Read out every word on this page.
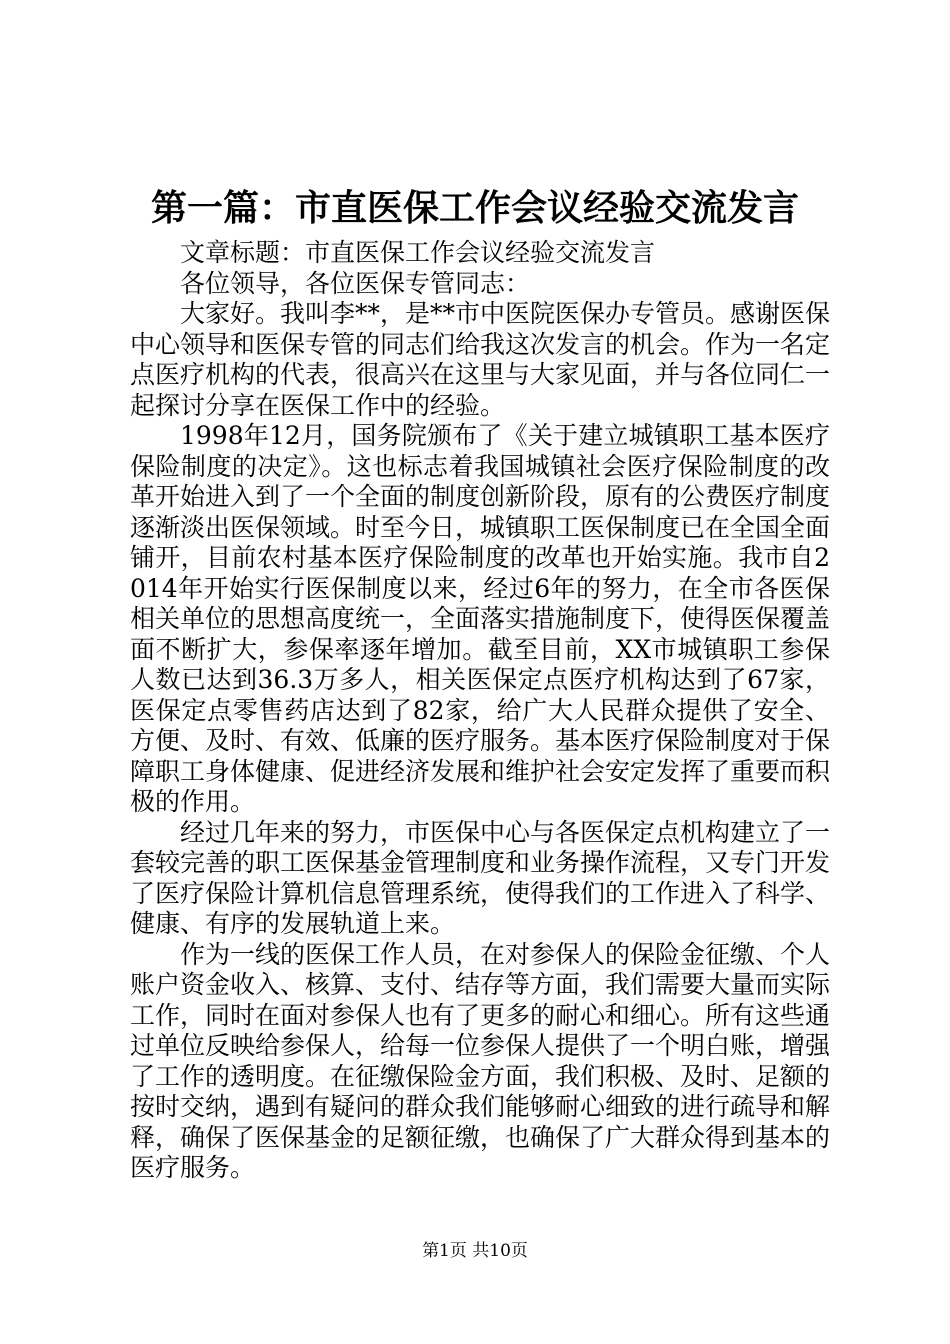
第一篇：市直医保工作会议经验交流发言

文章标题：市直医保工作会议经验交流发言

各位领导，各位医保专管同志：

大家好。我叫李**，是**市中医院医保办专管员。感谢医保中心领导和医保专管的同志们给我这次发言的机会。作为一名定点医疗机构的代表，很高兴在这里与大家见面，并与各位同仁一起探讨分享在医保工作中的经验。

1998年12月，国务院颁布了《关于建立城镇职工基本医疗保险制度的决定》。这也标志着我国城镇社会医疗保险制度的改革开始进入到了一个全面的制度创新阶段，原有的公费医疗制度逐渐淡出医保领域。时至今日，城镇职工医保制度已在全国全面铺开，目前农村基本医疗保险制度的改革也开始实施。我市自2014年开始实行医保制度以来，经过6年的努力，在全市各医保相关单位的思想高度统一，全面落实措施制度下，使得医保覆盖面不断扩大，参保率逐年增加。截至目前，XX市城镇职工参保人数已达到36.3万多人，相关医保定点医疗机构达到了67家，医保定点零售药店达到了82家，给广大人民群众提供了安全、方便、及时、有效、低廉的医疗服务。基本医疗保险制度对于保障职工身体健康、促进经济发展和维护社会安定发挥了重要而积极的作用。

经过几年来的努力，市医保中心与各医保定点机构建立了一套较完善的职工医保基金管理制度和业务操作流程，又专门开发了医疗保险计算机信息管理系统，使得我们的工作进入了科学、健康、有序的发展轨道上来。

作为一线的医保工作人员，在对参保人的保险金征缴、个人账户资金收入、核算、支付、结存等方面，我们需要大量而实际工作，同时在面对参保人也有了更多的耐心和细心。所有这些通过单位反映给参保人，给每一位参保人提供了一个明白账，增强了工作的透明度。在征缴保险金方面，我们积极、及时、足额的按时交纳，遇到有疑问的群众我们能够耐心细致的进行疏导和解释，确保了医保基金的足额征缴，也确保了广大群众得到基本的医疗服务。

第1页 共10页
